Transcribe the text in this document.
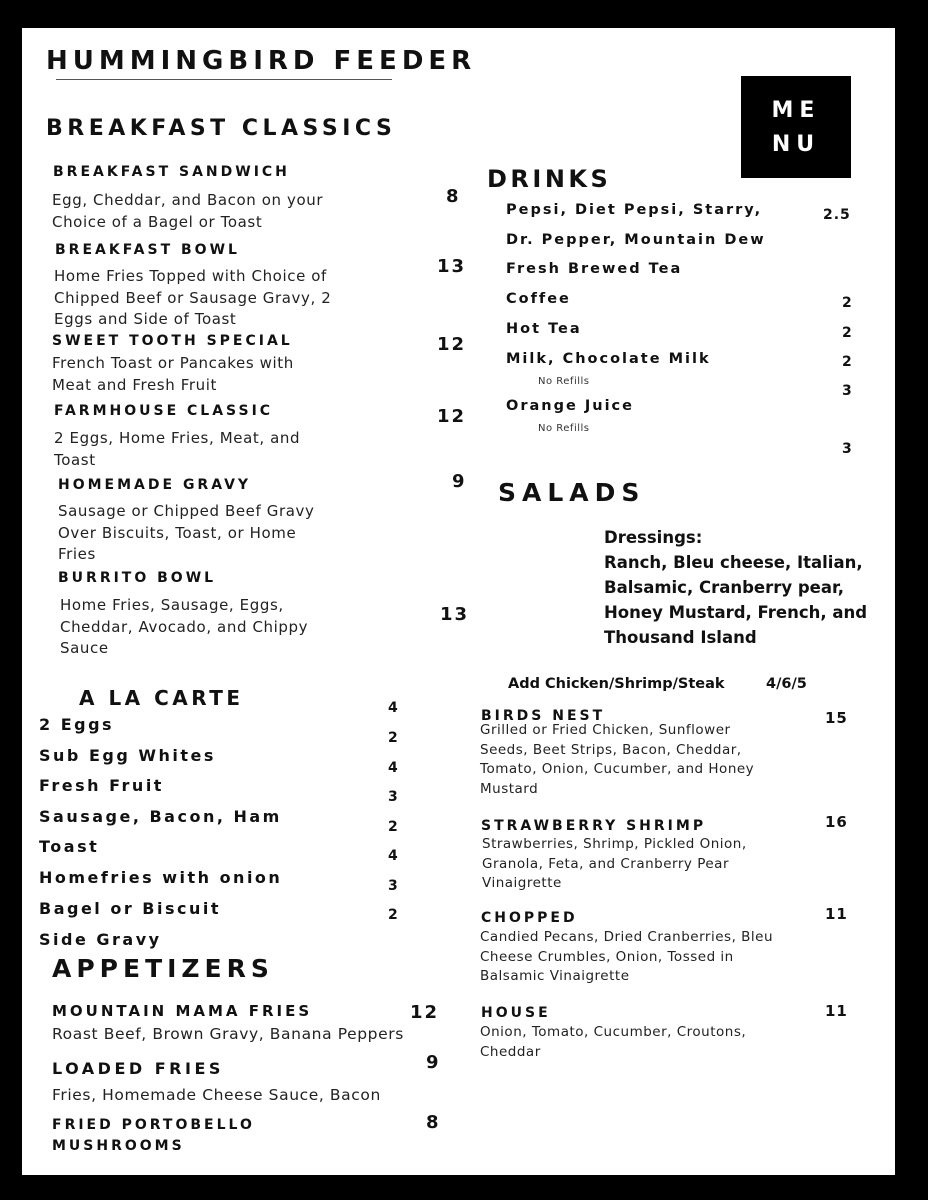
HUMMINGBIRD FEEDER
ME
NU
BREAKFAST CLASSICS
BREAKFAST SANDWICH
Egg, Cheddar, and Bacon on your Choice of a Bagel or Toast
8
BREAKFAST BOWL
Home Fries Topped with Choice of Chipped Beef or Sausage Gravy, 2 Eggs and Side of Toast
13
SWEET TOOTH SPECIAL
French Toast or Pancakes with Meat and Fresh Fruit
12
FARMHOUSE CLASSIC
2 Eggs, Home Fries, Meat, and Toast
12
HOMEMADE GRAVY
Sausage or Chipped Beef Gravy Over Biscuits, Toast, or Home Fries
9
BURRITO BOWL
Home Fries, Sausage, Eggs, Cheddar, Avocado, and Chippy Sauce
13
A LA CARTE
2 Eggs
Sub Egg Whites
Fresh Fruit
Sausage, Bacon, Ham
Toast
Homefries with onion
Bagel or Biscuit
Side Gravy
4
2
4
3
2
4
3
2
APPETIZERS
MOUNTAIN MAMA FRIES
Roast Beef, Brown Gravy, Banana Peppers
12
LOADED FRIES
Fries, Homemade Cheese Sauce, Bacon
9
FRIED PORTOBELLO
MUSHROOMS
8
DRINKS
Pepsi, Diet Pepsi, Starry,
Dr. Pepper, Mountain Dew
Fresh Brewed Tea
Coffee
Hot Tea
Milk, Chocolate Milk
No Refills
Orange Juice
No Refills
2.5
2
2
2
3
3
SALADS
Dressings:
Ranch, Bleu cheese, Italian,
Balsamic, Cranberry pear,
Honey Mustard, French, and
Thousand Island
Add Chicken/Shrimp/Steak	4/6/5
BIRDS NEST
Grilled or Fried Chicken, Sunflower Seeds, Beet Strips, Bacon, Cheddar, Tomato, Onion, Cucumber, and Honey Mustard
15
STRAWBERRY SHRIMP
Strawberries, Shrimp, Pickled Onion, Granola, Feta, and Cranberry Pear Vinaigrette
16
CHOPPED
Candied Pecans, Dried Cranberries, Bleu Cheese Crumbles, Onion, Tossed in Balsamic Vinaigrette
11
HOUSE
Onion, Tomato, Cucumber, Croutons, Cheddar
11
